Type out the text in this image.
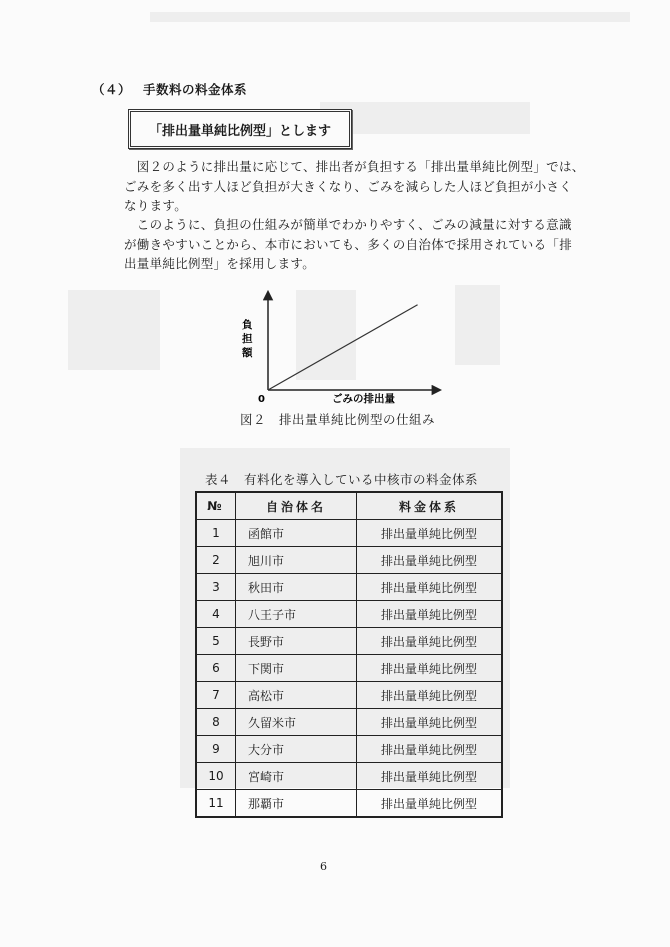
（４） 手数料の料金体系
「排出量単純比例型」とします
　図２のように排出量に応じて、排出者が負担する「排出量単純比例型」では、
ごみを多く出す人ほど負担が大きくなり、ごみを減らした人ほど負担が小さく
なります。
　このように、負担の仕組みが簡単でわかりやすく、ごみの減量に対する意識
が働きやすいことから、本市においても、多くの自治体で採用されている「排
出量単純比例型」を採用します。
0	ごみの排出量
負担額
図２　排出量単純比例型の仕組み
表４　有料化を導入している中核市の料金体系
№	自治体名	料金体系
1	函館市	排出量単純比例型
2	旭川市	排出量単純比例型
3	秋田市	排出量単純比例型
4	八王子市	排出量単純比例型
5	長野市	排出量単純比例型
6	下関市	排出量単純比例型
7	高松市	排出量単純比例型
8	久留米市	排出量単純比例型
9	大分市	排出量単純比例型
10	宮崎市	排出量単純比例型
11	那覇市	排出量単純比例型
6
